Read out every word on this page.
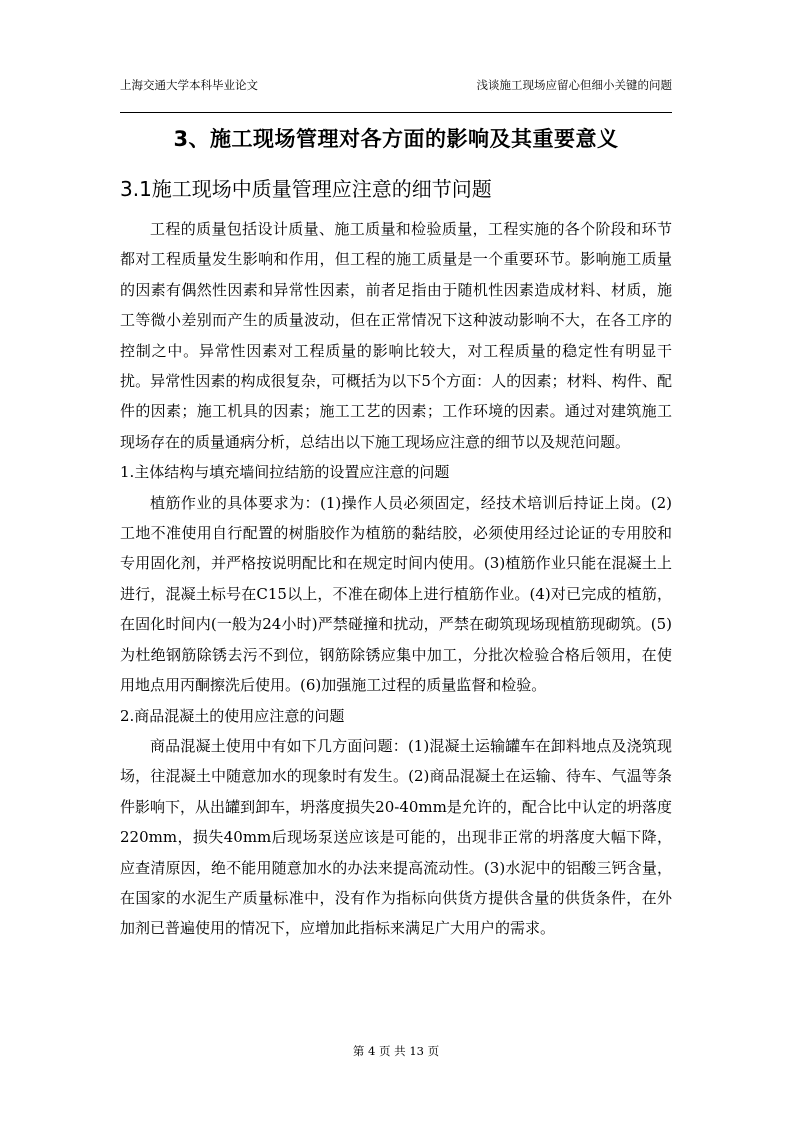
上海交通大学本科毕业论文	浅谈施工现场应留心但细小关键的问题
3、施工现场管理对各方面的影响及其重要意义
3.1施工现场中质量管理应注意的细节问题

工程的质量包括设计质量、施工质量和检验质量，工程实施的各个阶段和环节都对工程质量发生影响和作用，但工程的施工质量是一个重要环节。影响施工质量的因素有偶然性因素和异常性因素，前者足指由于随机性因素造成材料、材质，施工等微小差别而产生的质量波动，但在正常情况下这种波动影响不大，在各工序的控制之中。异常性因素对工程质量的影响比较大，对工程质量的稳定性有明显干扰。异常性因素的构成很复杂，可概括为以下5个方面：人的因素；材料、构件、配件的因素；施工机具的因素；施工工艺的因素；工作环境的因素。通过对建筑施工现场存在的质量通病分析，总结出以下施工现场应注意的细节以及规范问题。

1.主体结构与填充墙间拉结筋的设置应注意的问题

植筋作业的具体要求为：(1)操作人员必须固定，经技术培训后持证上岗。(2)工地不准使用自行配置的树脂胶作为植筋的黏结胶，必须使用经过论证的专用胶和专用固化剂，并严格按说明配比和在规定时间内使用。(3)植筋作业只能在混凝土上进行，混凝土标号在C15以上，不准在砌体上进行植筋作业。(4)对已完成的植筋，在固化时间内(一般为24小时)严禁碰撞和扰动，严禁在砌筑现场现植筋现砌筑。(5)为杜绝钢筋除锈去污不到位，钢筋除锈应集中加工，分批次检验合格后领用，在使用地点用丙酮擦洗后使用。(6)加强施工过程的质量监督和检验。

2.商品混凝土的使用应注意的问题

商品混凝土使用中有如下几方面问题：(1)混凝土运输罐车在卸料地点及浇筑现场，往混凝土中随意加水的现象时有发生。(2)商品混凝土在运输、待车、气温等条件影响下，从出罐到卸车，坍落度损失20-40mm是允许的，配合比中认定的坍落度220mm，损失40mm后现场泵送应该是可能的，出现非正常的坍落度大幅下降，应查清原因，绝不能用随意加水的办法来提高流动性。(3)水泥中的铝酸三钙含量，在国家的水泥生产质量标准中，没有作为指标向供货方提供含量的供货条件，在外加剂已普遍使用的情况下，应增加此指标来满足广大用户的需求。

第 4 页 共 13 页
